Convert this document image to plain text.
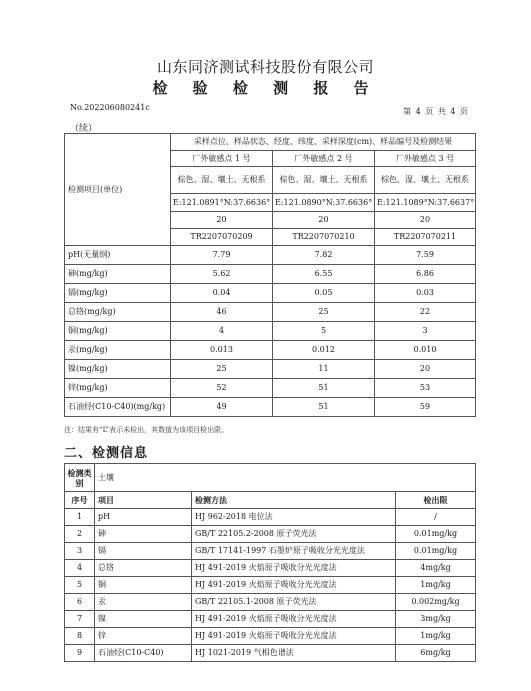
山东同济测试科技股份有限公司
检 验 检 测 报 告
No.202206080241c	第 4 页 共 4 页
（续）
检测项目(单位)	采样点位、样品状态、经度、纬度、采样深度(cm)、样品编号及检测结果		
	厂外敏感点 1 号	厂外敏感点 2 号	厂外敏感点 3 号
	棕色、湿、壤土、无根系	棕色、湿、壤土、无根系	棕色、湿、壤土、无根系
	E:121.0891°N:37.6636°	E:121.0890°N:37.6636°	E:121.1089°N:37.6637°
	20	20	20
	TR2207070209	TR2207070210	TR2207070211
pH(无量纲)	7.79	7.82	7.59
砷(mg/kg)	5.62	6.55	6.86
镉(mg/kg)	0.04	0.05	0.03
总铬(mg/kg)	46	25	22
铜(mg/kg)	4	5	3
汞(mg/kg)	0.013	0.012	0.010
镍(mg/kg)	25	11	20
锌(mg/kg)	52	51	53
石油烃(C10-C40)(mg/kg)	49	51	59
注：结果有“L”表示未检出，其数值为该项目检出限。
二、检测信息
检测类别	土壤		
序号	项目	检测方法	检出限
1	pH	HJ 962-2018 电位法	/
2	砷	GB/T 22105.2-2008 原子荧光法	0.01mg/kg
3	镉	GB/T 17141-1997 石墨炉原子吸收分光光度法	0.01mg/kg
4	总铬	HJ 491-2019 火焰原子吸收分光光度法	4mg/kg
5	铜	HJ 491-2019 火焰原子吸收分光光度法	1mg/kg
6	汞	GB/T 22105.1-2008 原子荧光法	0.002mg/kg
7	镍	HJ 491-2019 火焰原子吸收分光光度法	3mg/kg
8	锌	HJ 491-2019 火焰原子吸收分光光度法	1mg/kg
9	石油烃(C10-C40)	HJ 1021-2019 气相色谱法	6mg/kg
